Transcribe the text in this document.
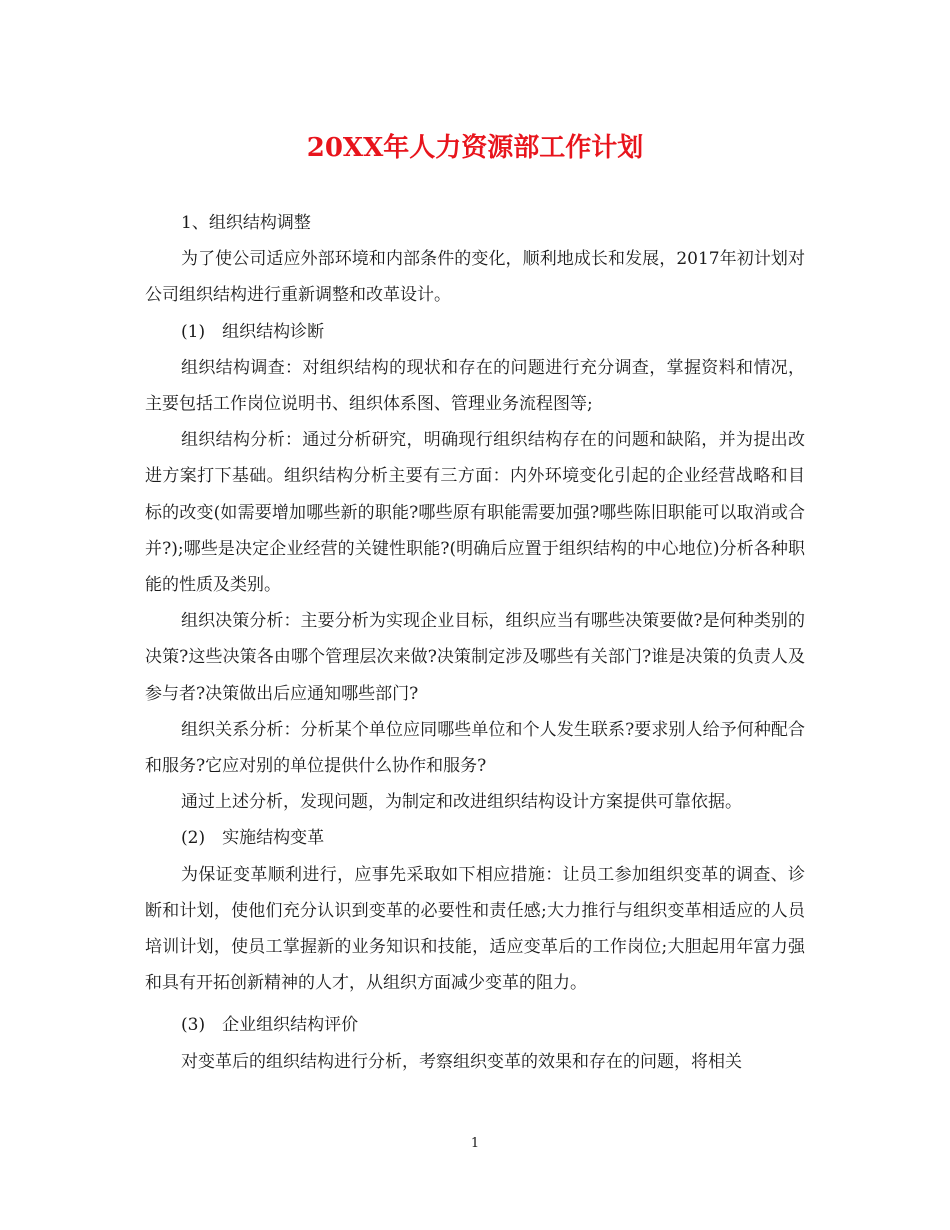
20XX年人力资源部工作计划

1、组织结构调整

为了使公司适应外部环境和内部条件的变化，顺利地成长和发展，2017年初计划对公司组织结构进行重新调整和改革设计。

(1)　组织结构诊断

组织结构调查：对组织结构的现状和存在的问题进行充分调查，掌握资料和情况，主要包括工作岗位说明书、组织体系图、管理业务流程图等;

组织结构分析：通过分析研究，明确现行组织结构存在的问题和缺陷，并为提出改进方案打下基础。组织结构分析主要有三方面：内外环境变化引起的企业经营战略和目标的改变(如需要增加哪些新的职能?哪些原有职能需要加强?哪些陈旧职能可以取消或合并?);哪些是决定企业经营的关键性职能?(明确后应置于组织结构的中心地位)分析各种职能的性质及类别。

组织决策分析：主要分析为实现企业目标，组织应当有哪些决策要做?是何种类别的决策?这些决策各由哪个管理层次来做?决策制定涉及哪些有关部门?谁是决策的负责人及参与者?决策做出后应通知哪些部门?

组织关系分析：分析某个单位应同哪些单位和个人发生联系?要求别人给予何种配合和服务?它应对别的单位提供什么协作和服务?

通过上述分析，发现问题，为制定和改进组织结构设计方案提供可靠依据。

(2)　实施结构变革

为保证变革顺利进行，应事先采取如下相应措施：让员工参加组织变革的调查、诊断和计划，使他们充分认识到变革的必要性和责任感;大力推行与组织变革相适应的人员培训计划，使员工掌握新的业务知识和技能，适应变革后的工作岗位;大胆起用年富力强和具有开拓创新精神的人才，从组织方面减少变革的阻力。

(3)　企业组织结构评价

对变革后的组织结构进行分析，考察组织变革的效果和存在的问题，将相关

1
